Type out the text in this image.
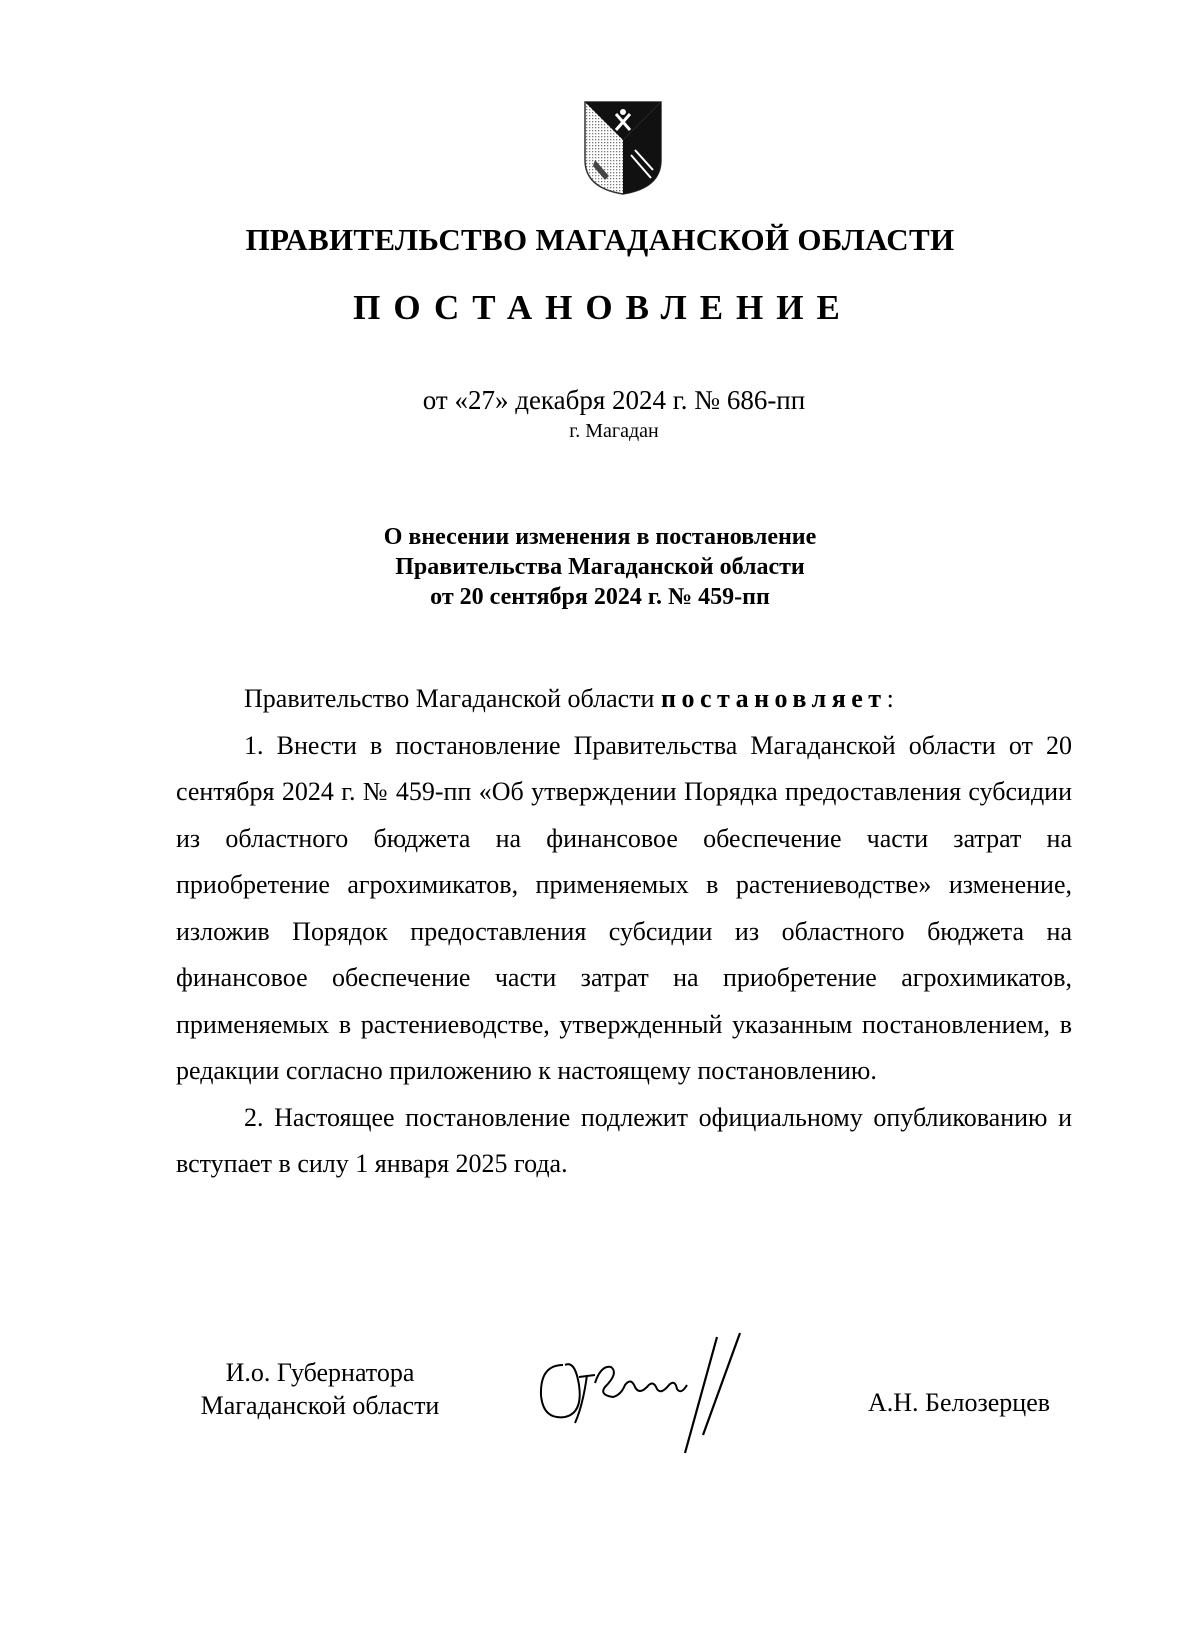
ПРАВИТЕЛЬСТВО МАГАДАНСКОЙ ОБЛАСТИ
ПОСТАНОВЛЕНИЕ
от «27» декабря 2024 г. № 686-пп
г. Магадан
О внесении изменения в постановление
Правительства Магаданской области
от 20 сентября 2024 г. № 459-пп

Правительство Магаданской области постановляет:

1. Внести в постановление Правительства Магаданской области от 20 сентября 2024 г. № 459-пп «Об утверждении Порядка предоставления субсидии из областного бюджета на финансовое обеспечение части затрат на приобретение агрохимикатов, применяемых в растениеводстве» изменение, изложив Порядок предоставления субсидии из областного бюджета на финансовое обеспечение части затрат на приобретение агрохимикатов, применяемых в растениеводстве, утвержденный указанным постановлением, в редакции согласно приложению к настоящему постановлению.

2. Настоящее постановление подлежит официальному опубликованию и вступает в силу 1 января 2025 года.

И.о. Губернатора
Магаданской области	А.Н. Белозерцев
